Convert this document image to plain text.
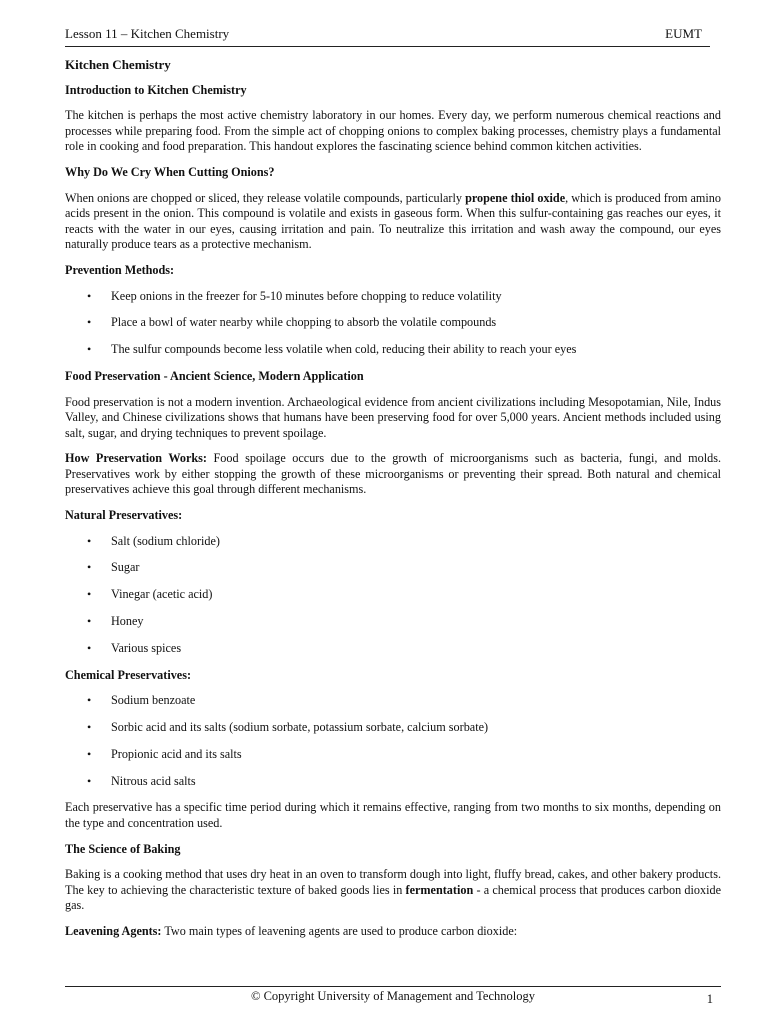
Lesson 11 – Kitchen Chemistry	EUMT

Kitchen Chemistry

Introduction to Kitchen Chemistry

The kitchen is perhaps the most active chemistry laboratory in our homes. Every day, we perform numerous chemical reactions and processes while preparing food. From the simple act of chopping onions to complex baking processes, chemistry plays a fundamental role in cooking and food preparation. This handout explores the fascinating science behind common kitchen activities.

Why Do We Cry When Cutting Onions?

When onions are chopped or sliced, they release volatile compounds, particularly propene thiol oxide, which is produced from amino acids present in the onion. This compound is volatile and exists in gaseous form. When this sulfur-containing gas reaches our eyes, it reacts with the water in our eyes, causing irritation and pain. To neutralize this irritation and wash away the compound, our eyes naturally produce tears as a protective mechanism.

Prevention Methods:

• Keep onions in the freezer for 5-10 minutes before chopping to reduce volatility
• Place a bowl of water nearby while chopping to absorb the volatile compounds
• The sulfur compounds become less volatile when cold, reducing their ability to reach your eyes

Food Preservation - Ancient Science, Modern Application

Food preservation is not a modern invention. Archaeological evidence from ancient civilizations including Mesopotamian, Nile, Indus Valley, and Chinese civilizations shows that humans have been preserving food for over 5,000 years. Ancient methods included using salt, sugar, and drying techniques to prevent spoilage.

How Preservation Works: Food spoilage occurs due to the growth of microorganisms such as bacteria, fungi, and molds. Preservatives work by either stopping the growth of these microorganisms or preventing their spread. Both natural and chemical preservatives achieve this goal through different mechanisms.

Natural Preservatives:

• Salt (sodium chloride)
• Sugar
• Vinegar (acetic acid)
• Honey
• Various spices

Chemical Preservatives:

• Sodium benzoate
• Sorbic acid and its salts (sodium sorbate, potassium sorbate, calcium sorbate)
• Propionic acid and its salts
• Nitrous acid salts

Each preservative has a specific time period during which it remains effective, ranging from two months to six months, depending on the type and concentration used.

The Science of Baking

Baking is a cooking method that uses dry heat in an oven to transform dough into light, fluffy bread, cakes, and other bakery products. The key to achieving the characteristic texture of baked goods lies in fermentation - a chemical process that produces carbon dioxide gas.

Leavening Agents: Two main types of leavening agents are used to produce carbon dioxide:

© Copyright University of Management and Technology	1
